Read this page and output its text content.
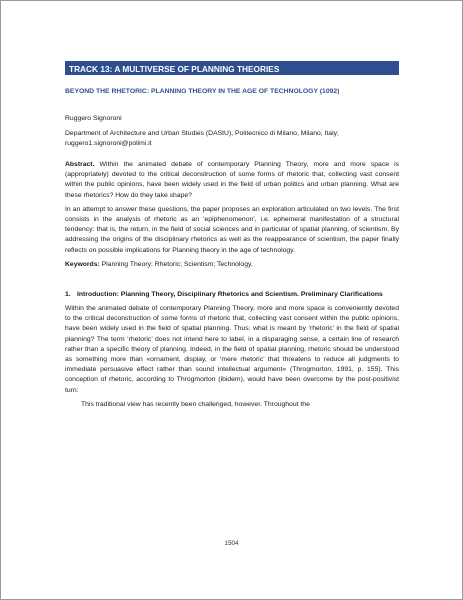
TRACK 13: A MULTIVERSE OF PLANNING THEORIES
BEYOND THE RHETORIC: PLANNING THEORY IN THE AGE OF TECHNOLOGY (1092)
Ruggero Signoroni
Department of Architecture and Urban Studies (DAStU), Politecnico di Milano, Milano, Italy; ruggero1.signoroni@polimi.it

Abstract. Within the animated debate of contemporary Planning Theory, more and more space is (appropriately) devoted to the critical deconstruction of some forms of rhetoric that, collecting vast consent within the public opinions, have been widely used in the field of urban politics and urban planning. What are these rhetorics? How do they take shape?

In an attempt to answer these questions, the paper proposes an exploration articulated on two levels. The first consists in the analysis of rhetoric as an ‘epiphenomenon’, i.e. ephemeral manifestation of a structural tendency: that is, the return, in the field of social sciences and in particular of spatial planning, of scientism. By addressing the origins of the disciplinary rhetorics as well as the reappearance of scientism, the paper finally reflects on possible implications for Planning theory in the age of technology.

Keywords: Planning Theory; Rhetoric; Scientism; Technology.

1. Introduction: Planning Theory, Disciplinary Rhetorics and Scientism. Preliminary Clarifications

Within the animated debate of contemporary Planning Theory, more and more space is conveniently devoted to the critical deconstruction of some forms of rhetoric that, collecting vast consent within the public opinions, have been widely used in the field of spatial planning. Thus: what is meant by ‘rhetoric’ in the field of spatial planning? The term ‘rhetoric’ does not intend here to label, in a disparaging sense, a certain line of research rather than a specific theory of planning. Indeed, in the field of spatial planning, rhetoric should be understood as something more than «ornament, display, or ‘mere rhetoric’ that threatens to reduce all judgments to immediate persuasive effect rather than sound intellectual argument» (Throgmorton, 1991, p. 155). This conception of rhetoric, according to Throgmorton (ibidem), would have been overcome by the post-positivist turn:

This traditional view has recently been challenged, however. Throughout the

1504
